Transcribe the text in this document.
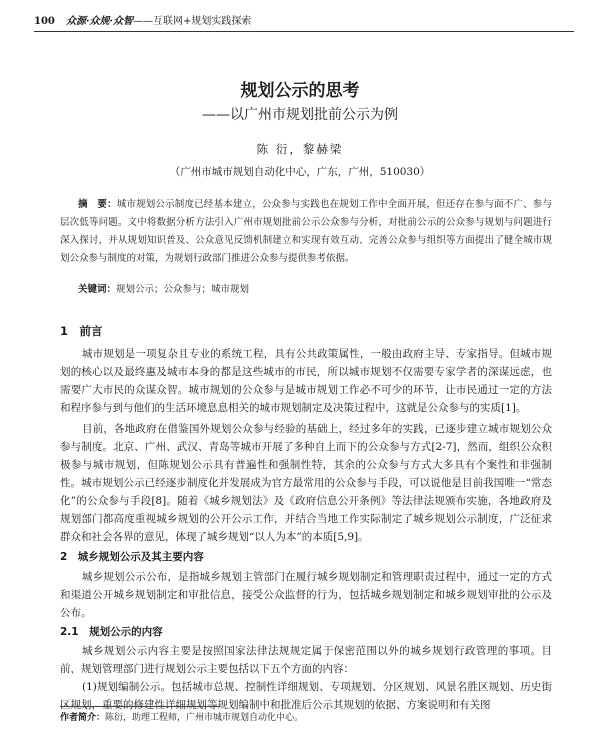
100 众源·众规·众智——互联网+规划实践探索
规划公示的思考
——以广州市规划批前公示为例
陈 衍，黎赫梁
（广州市城市规划自动化中心，广东，广州，510030）
摘　要：城市规划公示制度已经基本建立，公众参与实践也在规划工作中全面开展，但还存在参与面不广、参与层次低等问题。文中将数据分析方法引入广州市规划批前公示公众参与分析，对批前公示的公众参与规划与问题进行深入探讨，并从规划知识普及、公众意见反馈机制建立和实现有效互动、完善公众参与组织等方面提出了健全城市规划公众参与制度的对策，为规划行政部门推进公众参与提供参考依据。
关键词：规划公示；公众参与；城市规划
1　前言

城市规划是一项复杂且专业的系统工程，具有公共政策属性，一般由政府主导、专家指导。但城市规划的核心以及最终惠及城市本身的都是这些城市的市民，所以城市规划不仅需要专家学者的深谋远虑，也需要广大市民的众谋众智。城市规划的公众参与是城市规划工作必不可少的环节，让市民通过一定的方法和程序参与到与他们的生活环境息息相关的城市规划制定及决策过程中，这就是公众参与的实质[1]。

目前，各地政府在借鉴国外规划公众参与经验的基础上，经过多年的实践，已逐步建立城市规划公众参与制度。北京、广州、武汉、青岛等城市开展了多种自上而下的公众参与方式[2-7]，然而，组织公众积极参与城市规划，但陈规划公示具有普遍性和强制性特，其余的公众参与方式大多具有个案性和非强制性。城市规划公示已经逐步制度化并发展成为官方最常用的公众参与手段，可以说他是目前我国唯一“常态化”的公众参与手段[8]。随着《城乡规划法》及《政府信息公开条例》等法律法规颁布实施，各地政府及规划部门都高度重视城乡规划的公开公示工作，并结合当地工作实际制定了城乡规划公示制度，广泛征求群众和社会各界的意见，体现了城乡规划“以人为本”的本质[5,9]。

2　城乡规划公示及其主要内容

城乡规划公示公布，是指城乡规划主管部门在履行城乡规划制定和管理职责过程中，通过一定的方式和渠道公开城乡规划制定和审批信息，接受公众监督的行为，包括城乡规划制定和城乡规划审批的公示及公布。

2.1　规划公示的内容

城乡规划公示内容主要是按照国家法律法规规定属于保密范围以外的城乡规划行政管理的事项。目前，规划管理部门进行规划公示主要包括以下五个方面的内容：

(1)规划编制公示。包括城市总规、控制性详细规划、专项规划、分区规划、风景名胜区规划、历史街区规划，重要的修建性详细规划等规划编制中和批准后公示其规划的依据、方案说明和有关图

作者简介：陈衍，助理工程师，广州市城市规划自动化中心。
